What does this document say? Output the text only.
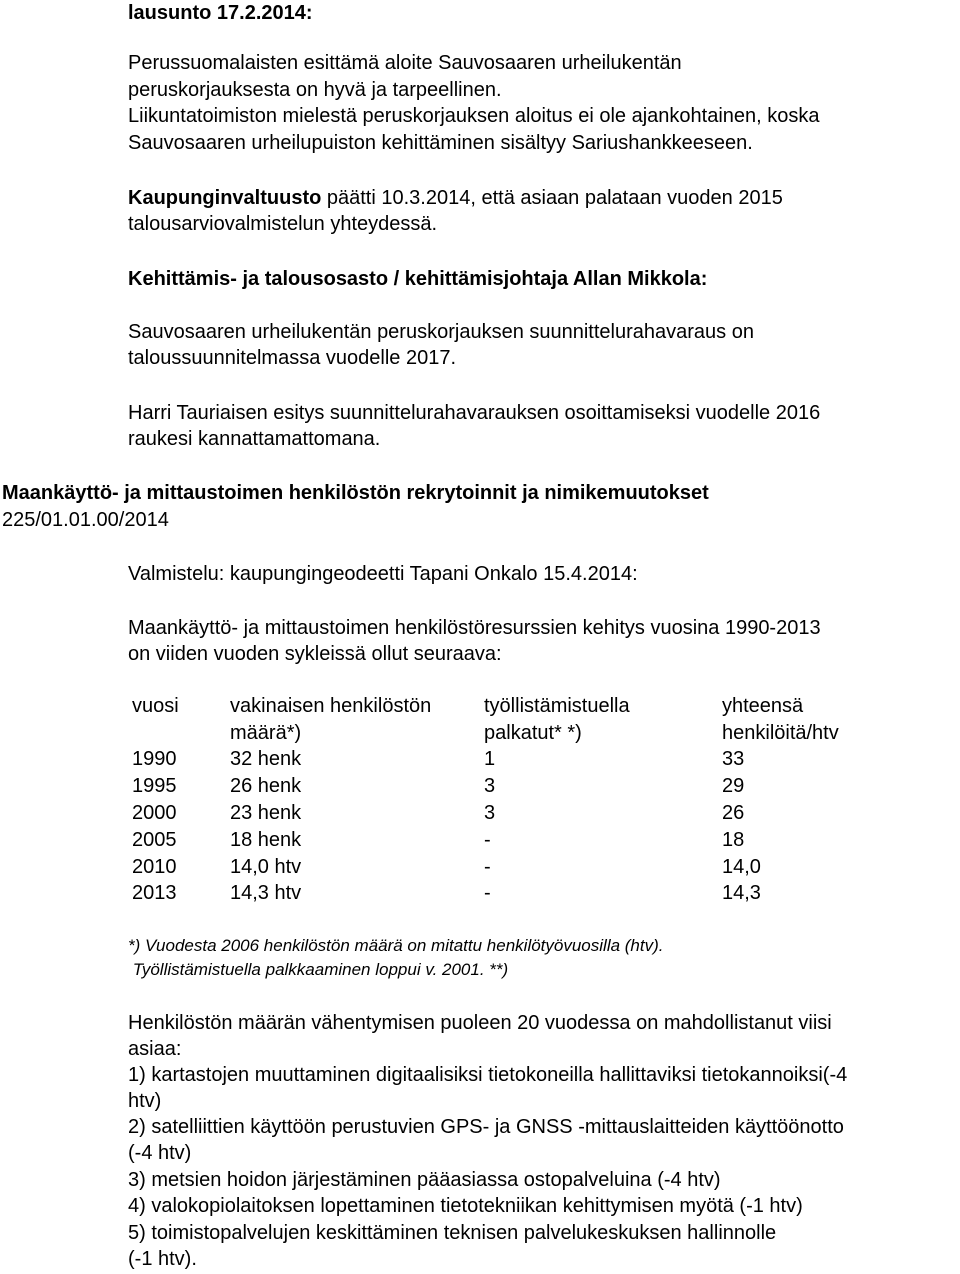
lausunto 17.2.2014:
Perussuomalaisten esittämä aloite Sauvosaaren urheilukentän
peruskorjauksesta on hyvä ja tarpeellinen.
Liikuntatoimiston mielestä peruskorjauksen aloitus ei ole ajankohtainen, koska
Sauvosaaren urheilupuiston kehittäminen sisältyy Sariushankkeeseen.
Kaupunginvaltuusto päätti 10.3.2014, että asiaan palataan vuoden 2015
talousarviovalmistelun yhteydessä.
Kehittämis- ja talousosasto / kehittämisjohtaja Allan Mikkola:
Sauvosaaren urheilukentän peruskorjauksen suunnittelurahavaraus on
taloussuunnitelmassa vuodelle 2017.
Harri Tauriaisen esitys suunnittelurahavarauksen osoittamiseksi vuodelle 2016
raukesi kannattamattomana.
Maankäyttö- ja mittaustoimen henkilöstön rekrytoinnit ja nimikemuutokset
225/01.01.00/2014
Valmistelu: kaupungingeodeetti Tapani Onkalo 15.4.2014:
Maankäyttö- ja mittaustoimen henkilöstöresurssien kehitys vuosina 1990-2013
on viiden vuoden sykleissä ollut seuraava:
vuosi	vakinaisen henkilöstön	työllistämistuella	yhteensä
määrä*)	palkatut* *)	henkilöitä/htv
1990	32 henk	1	33
1995	26 henk	3	29
2000	23 henk	3	26
2005	18 henk	-	18
2010	14,0 htv	-	14,0
2013	14,3 htv	-	14,3
*) Vuodesta 2006 henkilöstön määrä on mitattu henkilötyövuosilla (htv).
Työllistämistuella palkkaaminen loppui v. 2001. **)
Henkilöstön määrän vähentymisen puoleen 20 vuodessa on mahdollistanut viisi
asiaa:
1) kartastojen muuttaminen digitaalisiksi tietokoneilla hallittaviksi tietokannoiksi(-4
htv)
2) satelliittien käyttöön perustuvien GPS- ja GNSS -mittauslaitteiden käyttöönotto
(-4 htv)
3) metsien hoidon järjestäminen pääasiassa ostopalveluina (-4 htv)
4) valokopiolaitoksen lopettaminen tietotekniikan kehittymisen myötä (-1 htv)
5) toimistopalvelujen keskittäminen teknisen palvelukeskuksen hallinnolle
(-1 htv).
